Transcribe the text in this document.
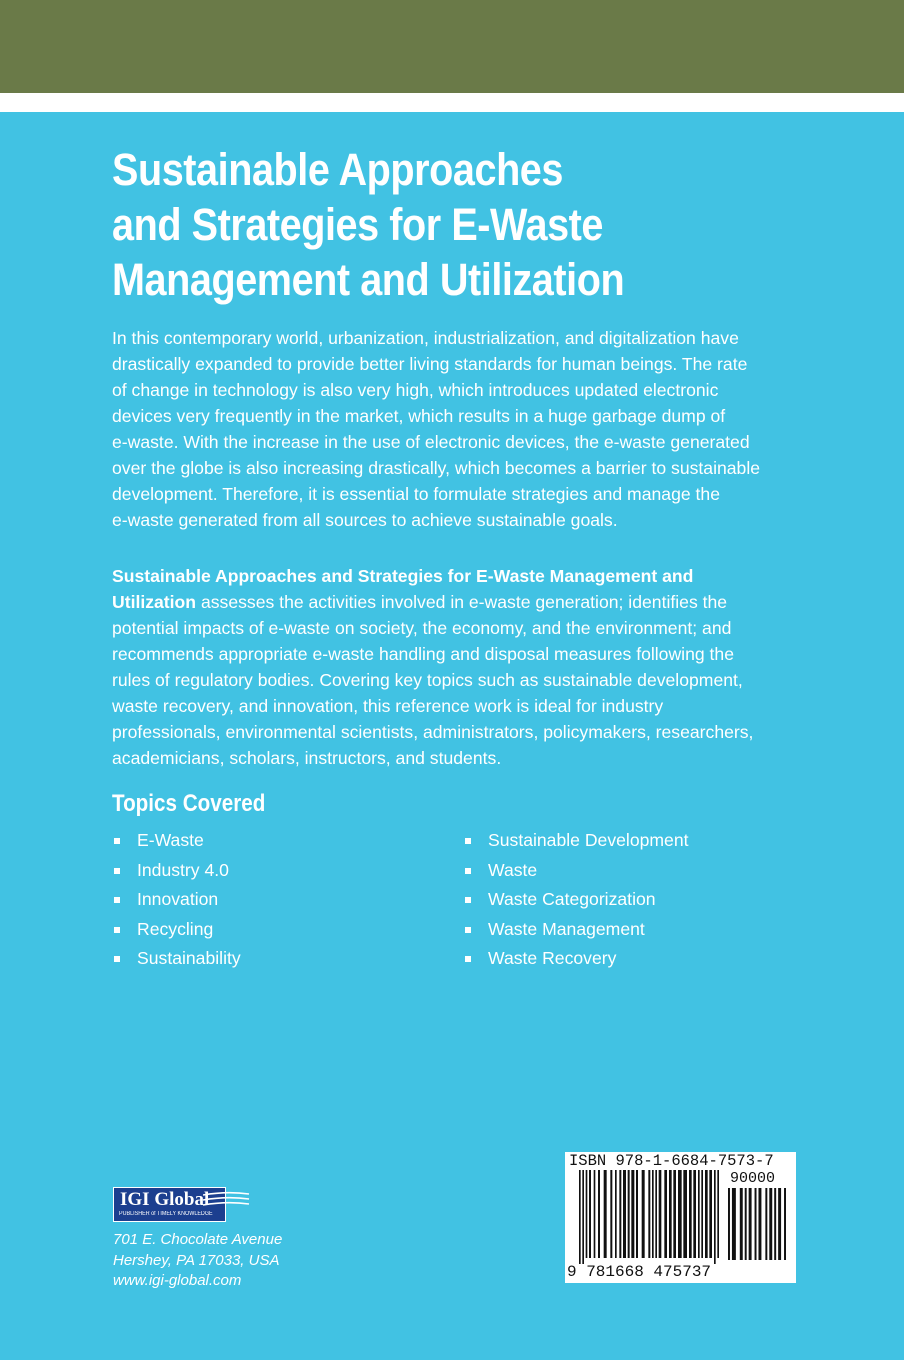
Sustainable Approaches
and Strategies for E-Waste
Management and Utilization

In this contemporary world, urbanization, industrialization, and digitalization have
drastically expanded to provide better living standards for human beings. The rate
of change in technology is also very high, which introduces updated electronic
devices very frequently in the market, which results in a huge garbage dump of
e-waste. With the increase in the use of electronic devices, the e-waste generated
over the globe is also increasing drastically, which becomes a barrier to sustainable
development. Therefore, it is essential to formulate strategies and manage the
e-waste generated from all sources to achieve sustainable goals.

Sustainable Approaches and Strategies for E-Waste Management and
Utilization assesses the activities involved in e-waste generation; identifies the
potential impacts of e-waste on society, the economy, and the environment; and
recommends appropriate e-waste handling and disposal measures following the
rules of regulatory bodies. Covering key topics such as sustainable development,
waste recovery, and innovation, this reference work is ideal for industry
professionals, environmental scientists, administrators, policymakers, researchers,
academicians, scholars, instructors, and students.

Topics Covered
E-Waste
Industry 4.0
Innovation
Recycling
Sustainability
Sustainable Development
Waste
Waste Categorization
Waste Management
Waste Recovery
IGI Global
PUBLISHER of TIMELY KNOWLEDGE
701 E. Chocolate Avenue
Hershey, PA 17033, USA
www.igi-global.com
ISBN 978-1-6684-7573-7
90000
9 781668 475737
